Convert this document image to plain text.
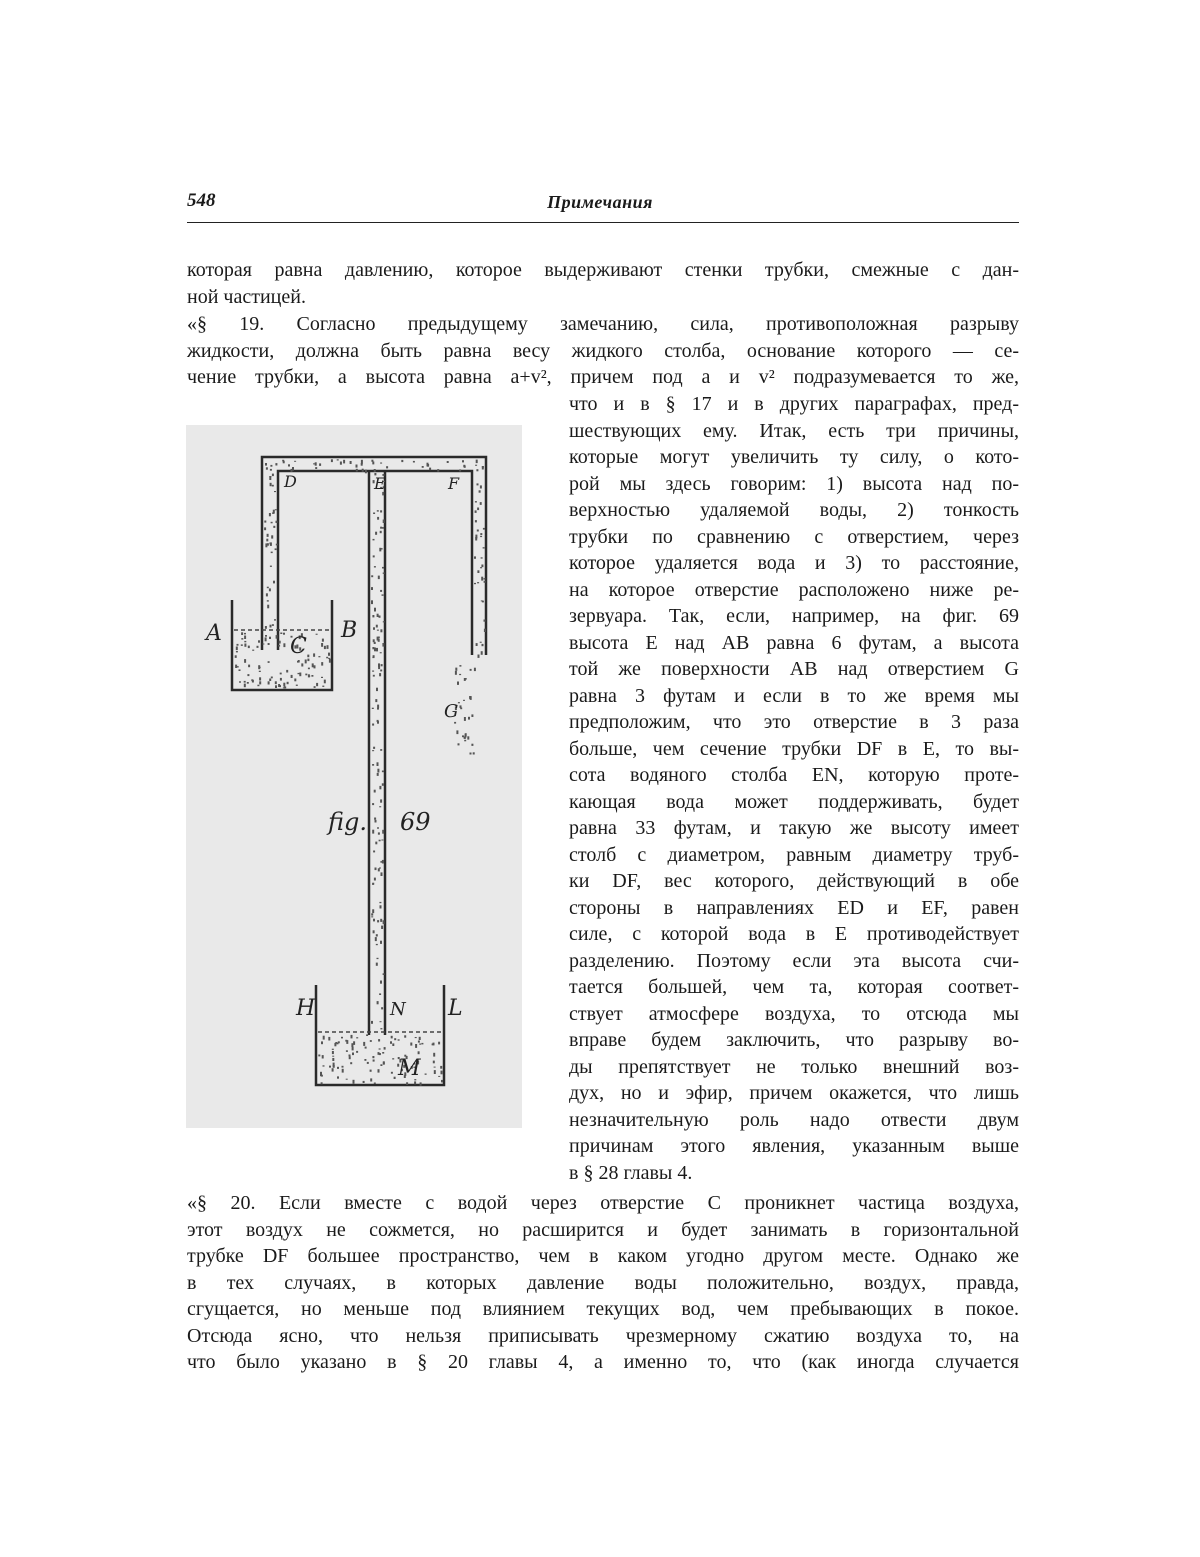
548	Примечания
которая равна давлению, которое выдерживают стенки трубки, смежные с дан-
ной частицей.
«§ 19. Согласно предыдущему замечанию, сила, противоположная разрыву
жидкости, должна быть равна весу жидкого столба, основание которого — се-
чение трубки, а высота равна a+v², причем под a и v² подразумевается то же,
что и в § 17 и в других параграфах, пред-
шествующих ему. Итак, есть три причины,
которые могут увеличить ту силу, о кото-
рой мы здесь говорим: 1) высота над по-
верхностью удаляемой воды, 2) тонкость
трубки по сравнению с отверстием, через
которое удаляется вода и 3) то расстояние,
на которое отверстие расположено ниже ре-
зервуара. Так, если, например, на фиг. 69
высота E над AB равна 6 футам, а высота
той же поверхности AB над отверстием G
равна 3 футам и если в то же время мы
предположим, что это отверстие в 3 раза
больше, чем сечение трубки DF в E, то вы-
сота водяного столба EN, которую проте-
кающая вода может поддерживать, будет
равна 33 футам, и такую же высоту имеет
столб с диаметром, равным диаметру труб-
ки DF, вес которого, действующий в обе
стороны в направлениях ED и EF, равен
силе, с которой вода в E противодействует
разделению. Поэтому если эта высота счи-
тается большей, чем та, которая соответ-
ствует атмосфере воздуха, то отсюда мы
вправе будем заключить, что разрыву во-
ды препятствует не только внешний воз-
дух, но и эфир, причем окажется, что лишь
незначительную роль надо отвести двум
причинам этого явления, указанным выше
в § 28 главы 4.
A	B
C
D	E	F
G
H	N L
M
fig. 69
«§ 20. Если вместе с водой через отверстие C проникнет частица воздуха,
этот воздух не сожмется, но расширится и будет занимать в горизонтальной
трубке DF большее пространство, чем в каком угодно другом месте. Однако же
в тех случаях, в которых давление воды положительно, воздух, правда,
сгущается, но меньше под влиянием текущих вод, чем пребывающих в покое.
Отсюда ясно, что нельзя приписывать чрезмерному сжатию воздуха то, на
что было указано в § 20 главы 4, а именно то, что (как иногда случается
